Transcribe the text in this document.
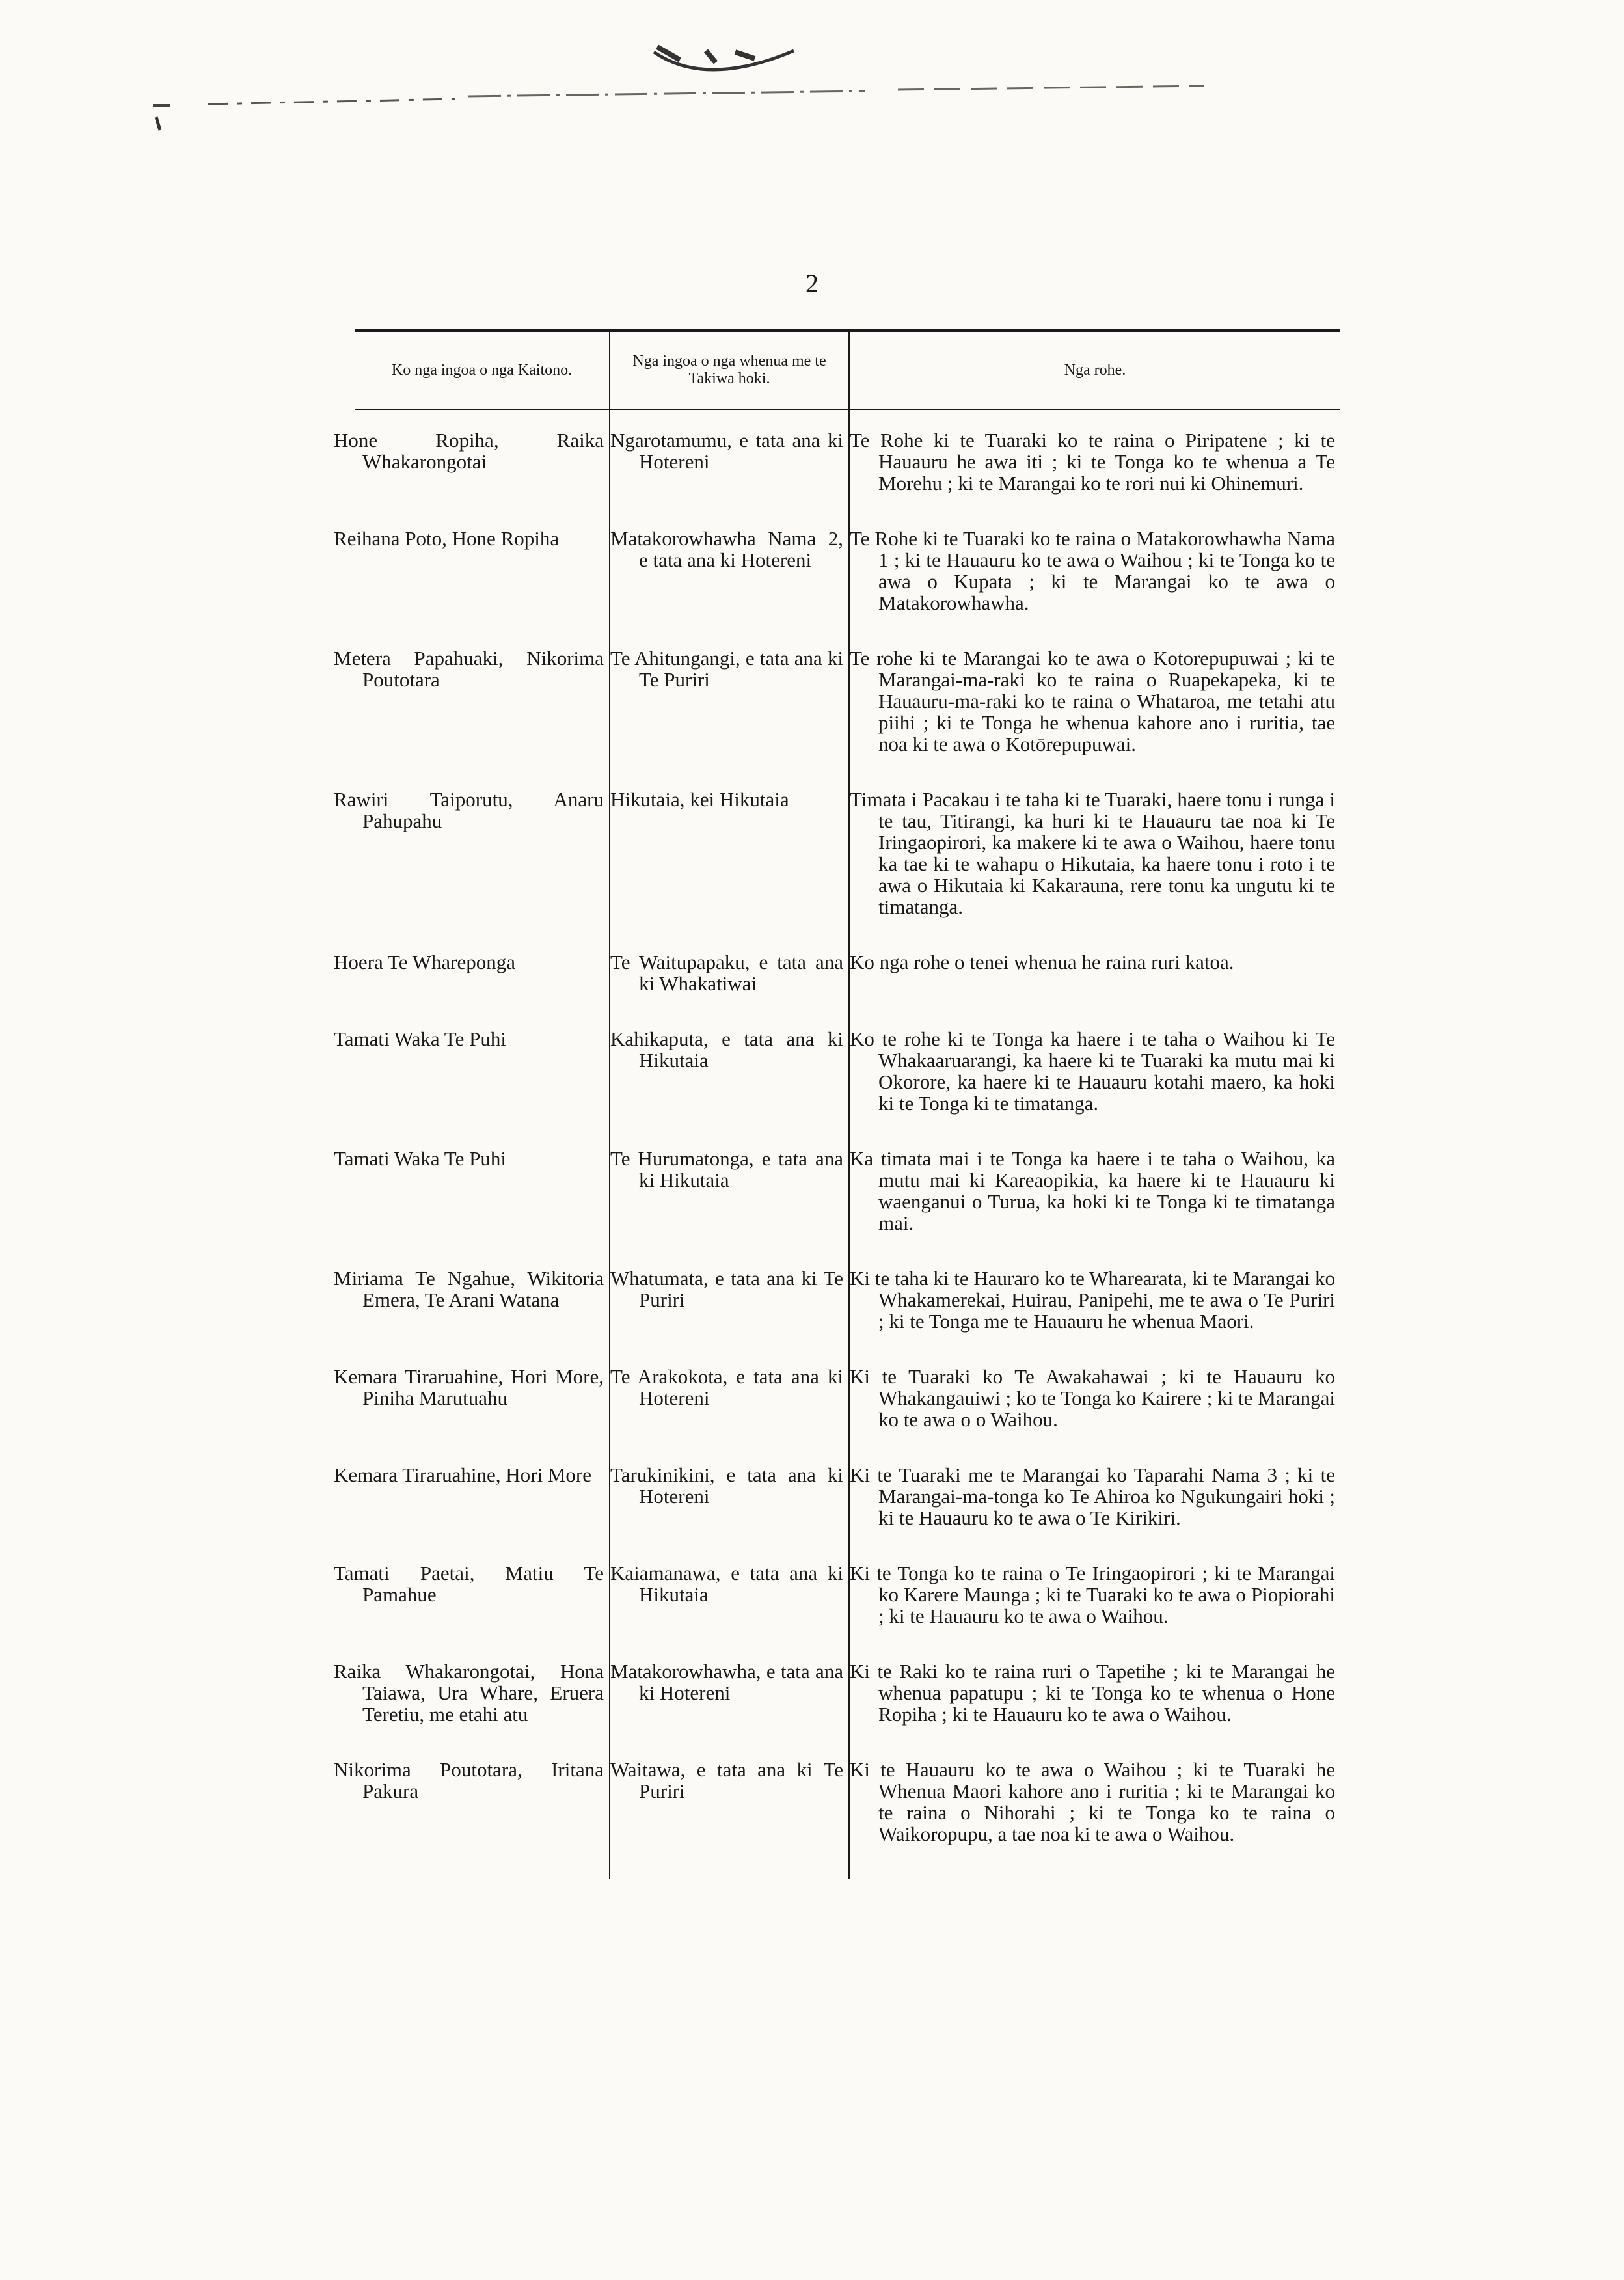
2
Ko nga ingoa o nga Kaitono.	Nga ingoa o nga whenua me te Takiwa hoki.	Nga rohe.

Hone Ropiha, Raika Whakarongotai	Ngarotamumu, e tata ana ki Hotereni	Te Rohe ki te Tuaraki ko te raina o Piripatene ; ki te Hauauru he awa iti ; ki te Tonga ko te whenua a Te Morehu ; ki te Marangai ko te rori nui ki Ohinemuri.
Reihana Poto, Hone Ropiha	Matakorowhawha Nama 2, e tata ana ki Hotereni	Te Rohe ki te Tuaraki ko te raina o Matakorowhawha Nama 1 ; ki te Hauauru ko te awa o Waihou ; ki te Tonga ko te awa o Kupata ; ki te Marangai ko te awa o Matakorowhawha.
Metera Papahuaki, Nikorima Poutotara	Te Ahitungangi, e tata ana ki Te Puriri	Te rohe ki te Marangai ko te awa o Kotorepupuwai ; ki te Marangai-ma-raki ko te raina o Ruapekapeka, ki te Hauauru-ma-raki ko te raina o Whataroa, me tetahi atu piihi ; ki te Tonga he whenua kahore ano i ruritia, tae noa ki te awa o Kotōrepupuwai.
Rawiri Taiporutu, Anaru Pahupahu	Hikutaia, kei Hikutaia	Timata i Pacakau i te taha ki te Tuaraki, haere tonu i runga i te tau, Titirangi, ka huri ki te Hauauru tae noa ki Te Iringaopirori, ka makere ki te awa o Waihou, haere tonu ka tae ki te wahapu o Hikutaia, ka haere tonu i roto i te awa o Hikutaia ki Kakarauna, rere tonu ka ungutu ki te timatanga.
Hoera Te Whareponga	Te Waitupapaku, e tata ana ki Whakatiwai	Ko nga rohe o tenei whenua he raina ruri katoa.
Tamati Waka Te Puhi	Kahikaputa, e tata ana ki Hikutaia	Ko te rohe ki te Tonga ka haere i te taha o Waihou ki Te Whakaaruarangi, ka haere ki te Tuaraki ka mutu mai ki Okorore, ka haere ki te Hauauru kotahi maero, ka hoki ki te Tonga ki te timatanga.
Tamati Waka Te Puhi	Te Hurumatonga, e tata ana ki Hikutaia	Ka timata mai i te Tonga ka haere i te taha o Waihou, ka mutu mai ki Kareaopikia, ka haere ki te Hauauru ki waenganui o Turua, ka hoki ki te Tonga ki te timatanga mai.
Miriama Te Ngahue, Wikitoria Emera, Te Arani Watana	Whatumata, e tata ana ki Te Puriri	Ki te taha ki te Hauraro ko te Wharearata, ki te Marangai ko Whakamerekai, Huirau, Panipehi, me te awa o Te Puriri ; ki te Tonga me te Hauauru he whenua Maori.
Kemara Tiraruahine, Hori More, Piniha Marutuahu	Te Arakokota, e tata ana ki Hotereni	Ki te Tuaraki ko Te Awakahawai ; ki te Hauauru ko Whakangauiwi ; ko te Tonga ko Kairere ; ki te Marangai ko te awa o o Waihou.
Kemara Tiraruahine, Hori More	Tarukinikini, e tata ana ki Hotereni	Ki te Tuaraki me te Marangai ko Taparahi Nama 3 ; ki te Marangai-ma-tonga ko Te Ahiroa ko Ngukungairi hoki ; ki te Hauauru ko te awa o Te Kirikiri.
Tamati Paetai, Matiu Te Pamahue	Kaiamanawa, e tata ana ki Hikutaia	Ki te Tonga ko te raina o Te Iringaopirori ; ki te Marangai ko Karere Maunga ; ki te Tuaraki ko te awa o Piopiorahi ; ki te Hauauru ko te awa o Waihou.
Raika Whakarongotai, Hona Taiawa, Ura Whare, Eruera Teretiu, me etahi atu	Matakorowhawha, e tata ana ki Hotereni	Ki te Raki ko te raina ruri o Tapetihe ; ki te Marangai he whenua papatupu ; ki te Tonga ko te whenua o Hone Ropiha ; ki te Hauauru ko te awa o Waihou.
Nikorima Poutotara, Iritana Pakura	Waitawa, e tata ana ki Te Puriri	Ki te Hauauru ko te awa o Waihou ; ki te Tuaraki he Whenua Maori kahore ano i ruritia ; ki te Marangai ko te raina o Nihorahi ; ki te Tonga ko te raina o Waikoropupu, a tae noa ki te awa o Waihou.
